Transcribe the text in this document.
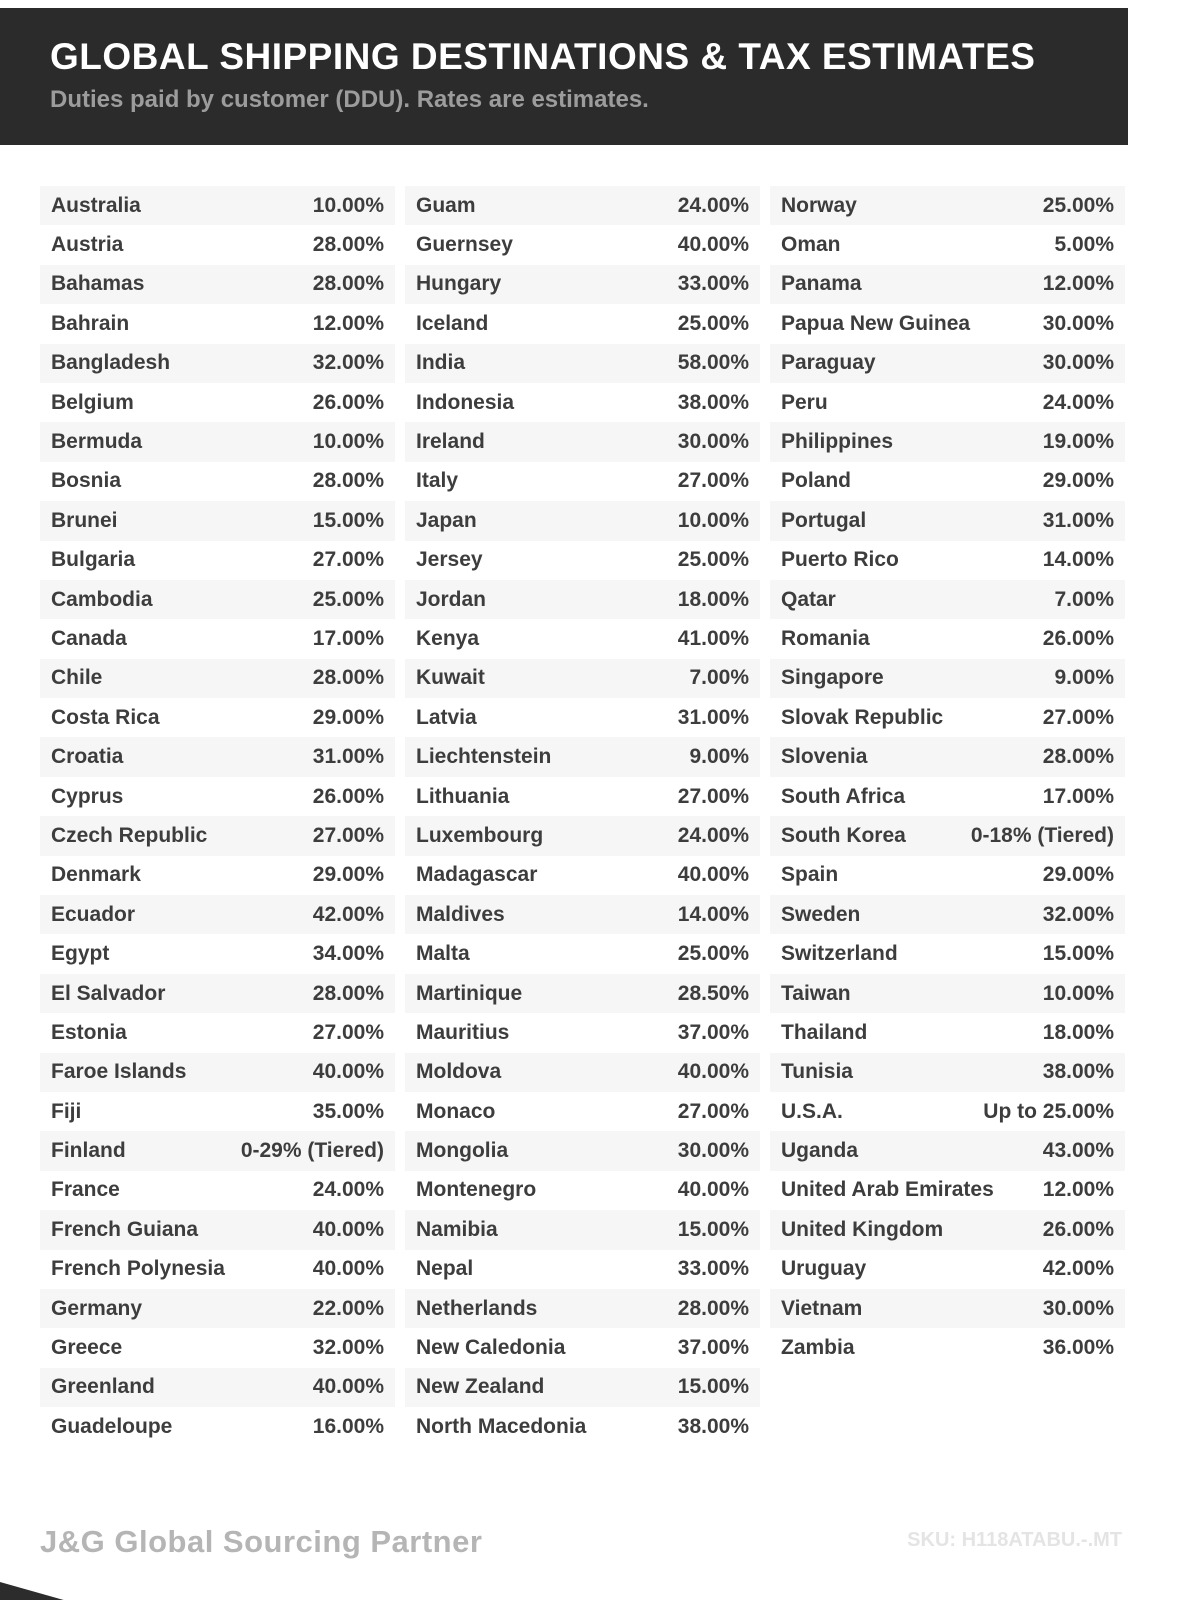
GLOBAL SHIPPING DESTINATIONS & TAX ESTIMATES
Duties paid by customer (DDU). Rates are estimates.
Australia	10.00%
Austria	28.00%
Bahamas	28.00%
Bahrain	12.00%
Bangladesh	32.00%
Belgium	26.00%
Bermuda	10.00%
Bosnia	28.00%
Brunei	15.00%
Bulgaria	27.00%
Cambodia	25.00%
Canada	17.00%
Chile	28.00%
Costa Rica	29.00%
Croatia	31.00%
Cyprus	26.00%
Czech Republic	27.00%
Denmark	29.00%
Ecuador	42.00%
Egypt	34.00%
El Salvador	28.00%
Estonia	27.00%
Faroe Islands	40.00%
Fiji	35.00%
Finland	0-29% (Tiered)
France	24.00%
French Guiana	40.00%
French Polynesia	40.00%
Germany	22.00%
Greece	32.00%
Greenland	40.00%
Guadeloupe	16.00%
Guam	24.00%
Guernsey	40.00%
Hungary	33.00%
Iceland	25.00%
India	58.00%
Indonesia	38.00%
Ireland	30.00%
Italy	27.00%
Japan	10.00%
Jersey	25.00%
Jordan	18.00%
Kenya	41.00%
Kuwait	7.00%
Latvia	31.00%
Liechtenstein	9.00%
Lithuania	27.00%
Luxembourg	24.00%
Madagascar	40.00%
Maldives	14.00%
Malta	25.00%
Martinique	28.50%
Mauritius	37.00%
Moldova	40.00%
Monaco	27.00%
Mongolia	30.00%
Montenegro	40.00%
Namibia	15.00%
Nepal	33.00%
Netherlands	28.00%
New Caledonia	37.00%
New Zealand	15.00%
North Macedonia	38.00%
Norway	25.00%
Oman	5.00%
Panama	12.00%
Papua New Guinea	30.00%
Paraguay	30.00%
Peru	24.00%
Philippines	19.00%
Poland	29.00%
Portugal	31.00%
Puerto Rico	14.00%
Qatar	7.00%
Romania	26.00%
Singapore	9.00%
Slovak Republic	27.00%
Slovenia	28.00%
South Africa	17.00%
South Korea	0-18% (Tiered)
Spain	29.00%
Sweden	32.00%
Switzerland	15.00%
Taiwan	10.00%
Thailand	18.00%
Tunisia	38.00%
U.S.A.	Up to 25.00%
Uganda	43.00%
United Arab Emirates 12.00%
United Kingdom	26.00%
Uruguay	42.00%
Vietnam	30.00%
Zambia	36.00%
J&G Global Sourcing Partner	SKU: H118ATABU.-.MT
